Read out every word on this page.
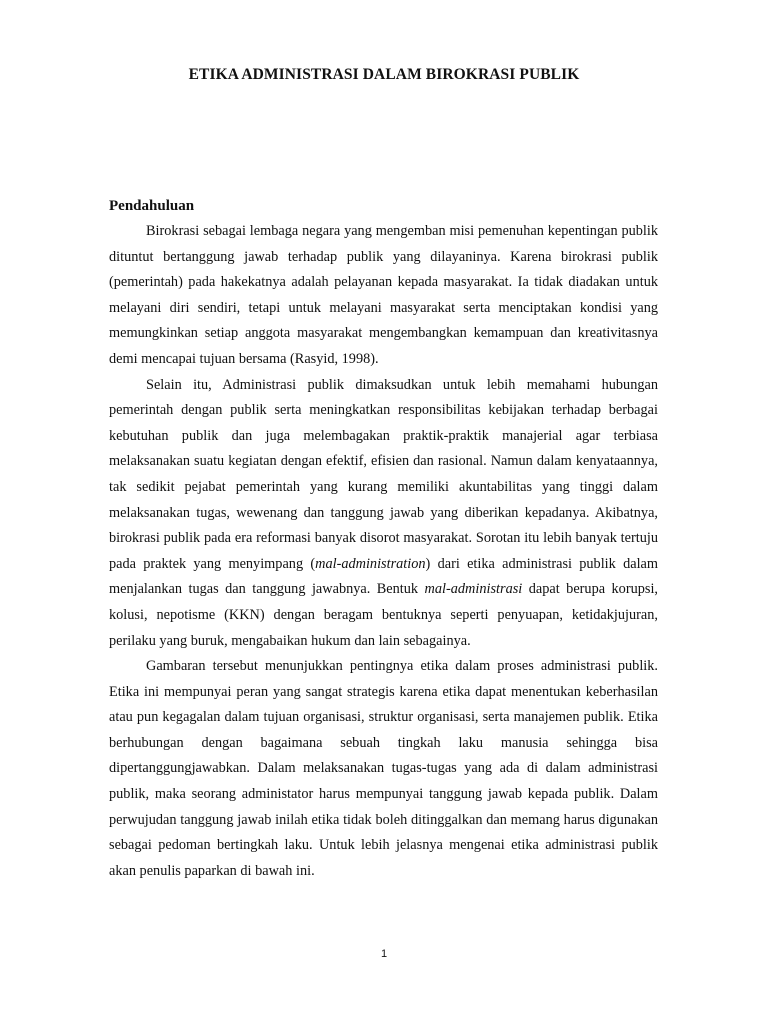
ETIKA ADMINISTRASI DALAM BIROKRASI PUBLIK
Pendahuluan

Birokrasi sebagai lembaga negara yang mengemban misi pemenuhan kepentingan publik dituntut bertanggung jawab terhadap publik yang dilayaninya. Karena birokrasi publik (pemerintah) pada hakekatnya adalah pelayanan kepada masyarakat. Ia tidak diadakan untuk melayani diri sendiri, tetapi untuk melayani masyarakat serta menciptakan kondisi yang memungkinkan setiap anggota masyarakat mengembangkan kemampuan dan kreativitasnya demi mencapai tujuan bersama (Rasyid, 1998).

Selain itu, Administrasi publik dimaksudkan untuk lebih memahami hubungan pemerintah dengan publik serta meningkatkan responsibilitas kebijakan terhadap berbagai kebutuhan publik dan juga melembagakan praktik-praktik manajerial agar terbiasa melaksanakan suatu kegiatan dengan efektif, efisien dan rasional. Namun dalam kenyataannya, tak sedikit pejabat pemerintah yang kurang memiliki akuntabilitas yang tinggi dalam melaksanakan tugas, wewenang dan tanggung jawab yang diberikan kepadanya. Akibatnya, birokrasi publik pada era reformasi banyak disorot masyarakat. Sorotan itu lebih banyak tertuju pada praktek yang menyimpang (mal-administration) dari etika administrasi publik dalam menjalankan tugas dan tanggung jawabnya. Bentuk mal-administrasi dapat berupa korupsi, kolusi, nepotisme (KKN) dengan beragam bentuknya seperti penyuapan, ketidakjujuran, perilaku yang buruk, mengabaikan hukum dan lain sebagainya.

Gambaran tersebut menunjukkan pentingnya etika dalam proses administrasi publik. Etika ini mempunyai peran yang sangat strategis karena etika dapat menentukan keberhasilan atau pun kegagalan dalam tujuan organisasi, struktur organisasi, serta manajemen publik. Etika berhubungan dengan bagaimana sebuah tingkah laku manusia sehingga bisa dipertanggungjawabkan. Dalam melaksanakan tugas-tugas yang ada di dalam administrasi publik, maka seorang administator harus mempunyai tanggung jawab kepada publik. Dalam perwujudan tanggung jawab inilah etika tidak boleh ditinggalkan dan memang harus digunakan sebagai pedoman bertingkah laku. Untuk lebih jelasnya mengenai etika administrasi publik akan penulis paparkan di bawah ini.

1
